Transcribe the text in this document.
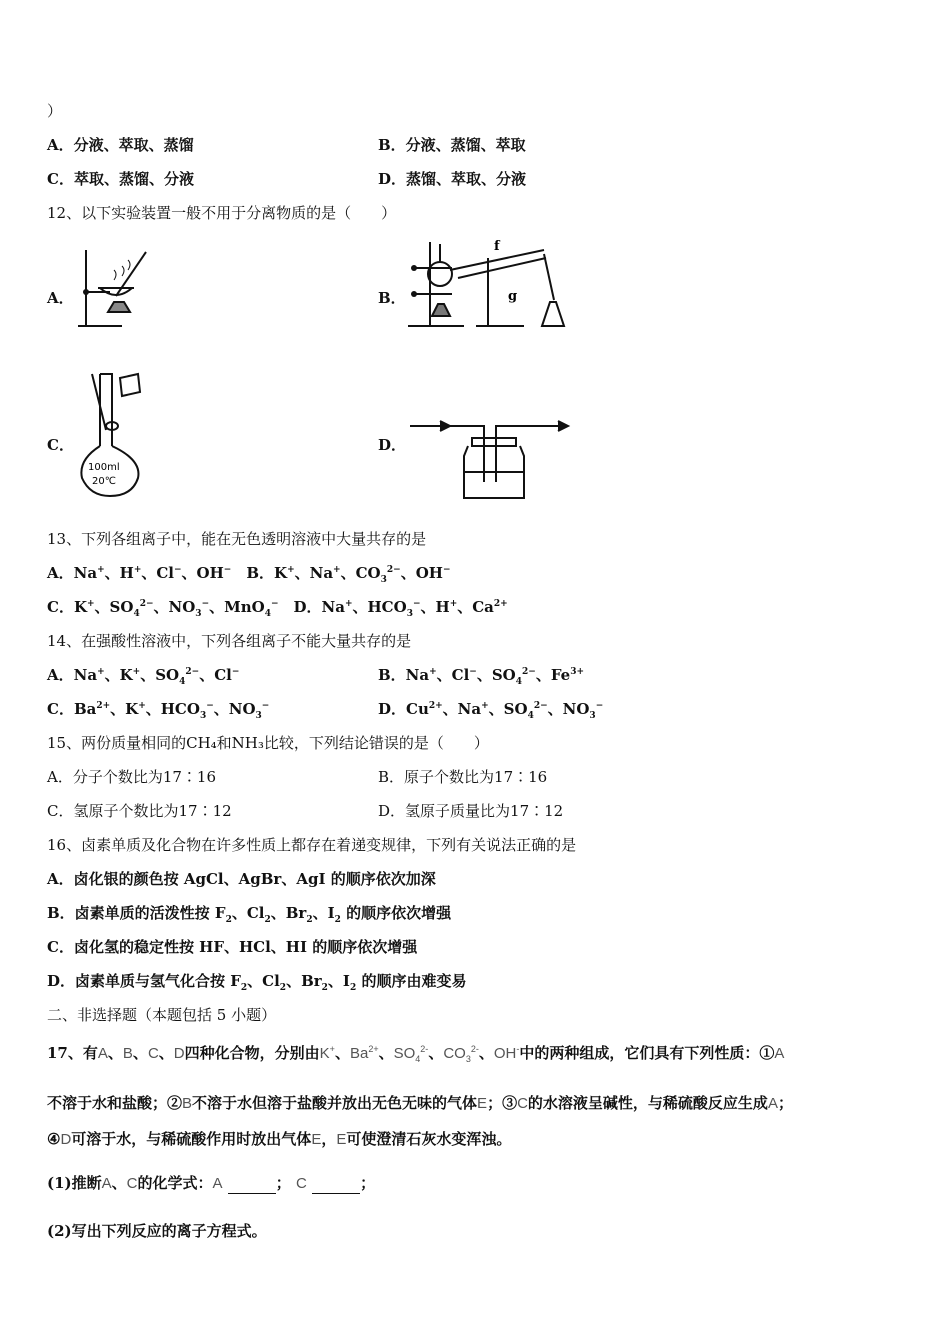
）
A．分液、萃取、蒸馏	B．分液、蒸馏、萃取
C．萃取、蒸馏、分液	D．蒸馏、萃取、分液
12、以下实验装置一般不用于分离物质的是（　　）
A．	B．
C．	D．
f
g
100ml
20℃
13、下列各组离子中，能在无色透明溶液中大量共存的是
A．Na+、H+、Cl−、OH−　B．K+、Na+、$CO_3^{2-}$、OH−
C．K+、$SO_4^{2-}$、$NO_3^-$、MnO$_4$−　D．Na+、$HCO_3^-$、H+、$Ca^{2+}$
14、在强酸性溶液中，下列各组离子不能大量共存的是
A．Na+、K+、$SO_4^{2-}$、Cl−	B．Na+、Cl−、$SO_4^{2-}$、$Fe^{3+}$
C．$Ba^{2+}$、K+、$HCO_3^-$、$NO_3^-$	D．$Cu^{2+}$、Na+、$SO_4^{2-}$、$NO_3^-$
15、两份质量相同的CH₄和NH₃比较，下列结论错误的是（　　）
A．分子个数比为17∶16	B．原子个数比为17∶16
C．氢原子个数比为17∶12	D．氢原子质量比为17∶12
16、卤素单质及化合物在许多性质上都存在着递变规律，下列有关说法正确的是
A．卤化银的颜色按 AgCl、AgBr、AgI 的顺序依次加深
B．卤素单质的活泼性按 $F_2$、$Cl_2$、$Br_2$、$I_2$ 的顺序依次增强
C．卤化氢的稳定性按 HF、HCl、HI 的顺序依次增强
D．卤素单质与氢气化合按 $F_2$、$Cl_2$、$Br_2$、$I_2$ 的顺序由难变易
二、非选择题（本题包括 5 小题）
17、有A、B、C、D四种化合物，分别由K+、$Ba^{2+}$、$SO_4^{2-}$、$CO_3^{2-}$、OH-中的两种组成，它们具有下列性质：①A
不溶于水和盐酸；②B不溶于水但溶于盐酸并放出无色无味的气体E；③C的水溶液呈碱性，与稀硫酸反应生成A；
④D可溶于水，与稀硫酸作用时放出气体E，E可使澄清石灰水变浑浊。
(1)推断A、C的化学式：A	； C	；
(2)写出下列反应的离子方程式。
